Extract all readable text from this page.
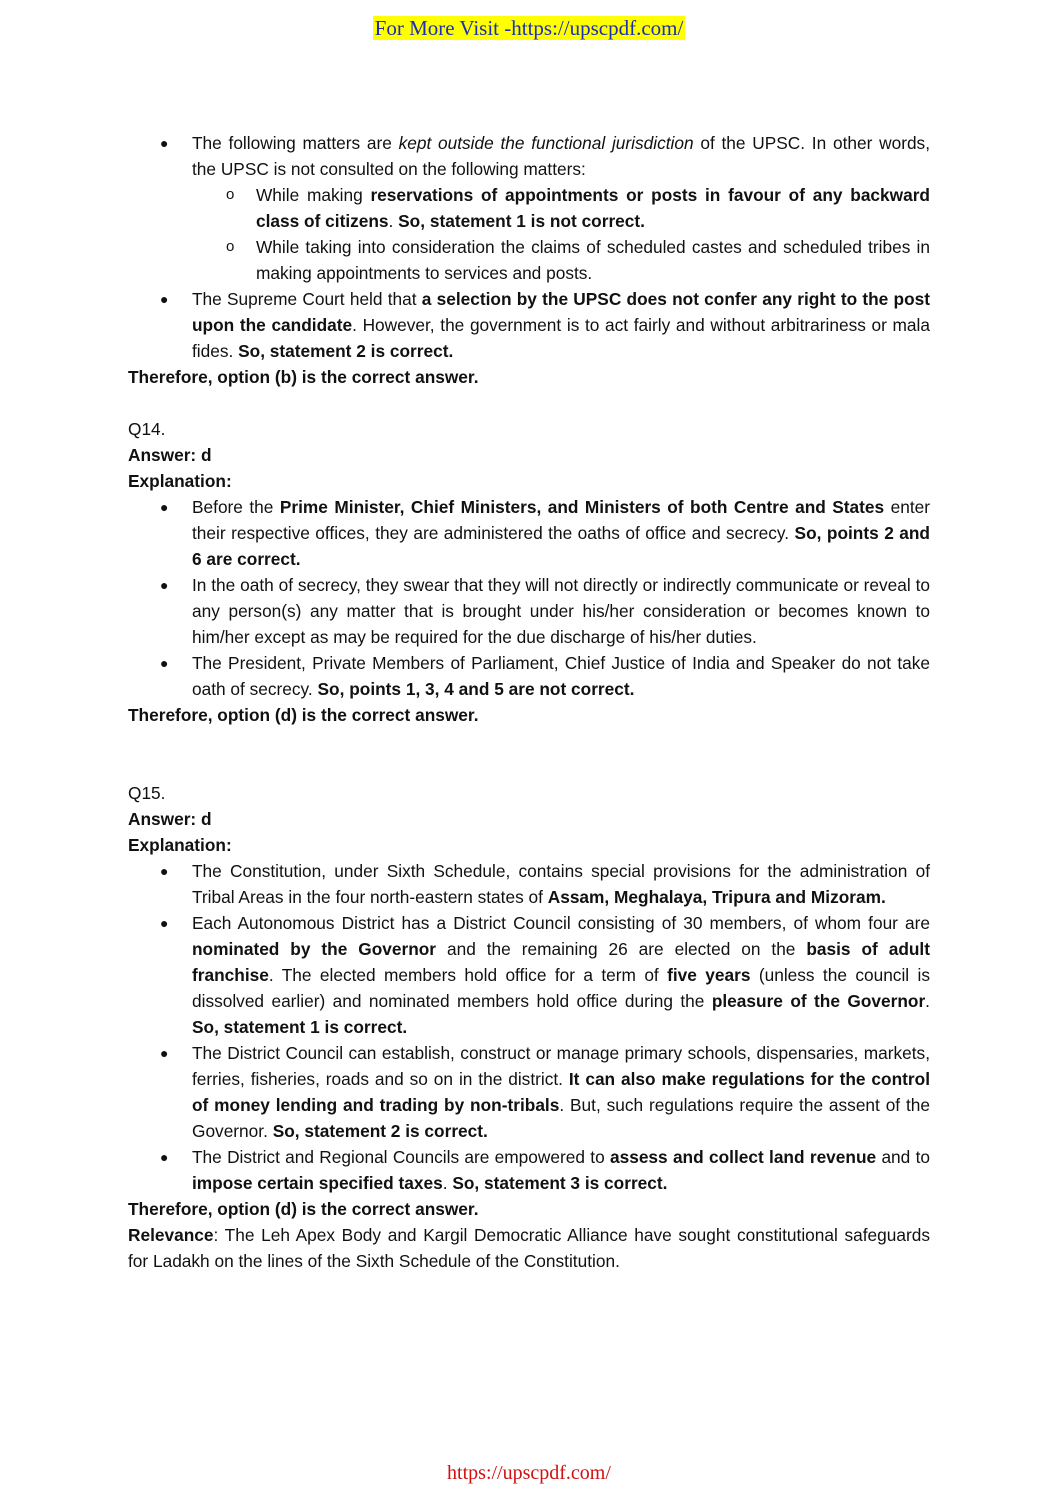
For More Visit -https://upscpdf.com/
● The following matters are kept outside the functional jurisdiction of the UPSC. In other words, the UPSC is not consulted on the following matters:
o While making reservations of appointments or posts in favour of any backward class of citizens. So, statement 1 is not correct.
o While taking into consideration the claims of scheduled castes and scheduled tribes in making appointments to services and posts.
● The Supreme Court held that a selection by the UPSC does not confer any right to the post upon the candidate. However, the government is to act fairly and without arbitrariness or mala fides. So, statement 2 is correct.
Therefore, option (b) is the correct answer.
Q14.
Answer: d
Explanation:
● Before the Prime Minister, Chief Ministers, and Ministers of both Centre and States enter their respective offices, they are administered the oaths of office and secrecy. So, points 2 and 6 are correct.
● In the oath of secrecy, they swear that they will not directly or indirectly communicate or reveal to any person(s) any matter that is brought under his/her consideration or becomes known to him/her except as may be required for the due discharge of his/her duties.
● The President, Private Members of Parliament, Chief Justice of India and Speaker do not take oath of secrecy. So, points 1, 3, 4 and 5 are not correct.
Therefore, option (d) is the correct answer.
Q15.
Answer: d
Explanation:
● The Constitution, under Sixth Schedule, contains special provisions for the administration of Tribal Areas in the four north-eastern states of Assam, Meghalaya, Tripura and Mizoram.
● Each Autonomous District has a District Council consisting of 30 members, of whom four are nominated by the Governor and the remaining 26 are elected on the basis of adult franchise. The elected members hold office for a term of five years (unless the council is dissolved earlier) and nominated members hold office during the pleasure of the Governor. So, statement 1 is correct.
● The District Council can establish, construct or manage primary schools, dispensaries, markets, ferries, fisheries, roads and so on in the district. It can also make regulations for the control of money lending and trading by non-tribals. But, such regulations require the assent of the Governor. So, statement 2 is correct.
● The District and Regional Councils are empowered to assess and collect land revenue and to impose certain specified taxes. So, statement 3 is correct.
Therefore, option (d) is the correct answer.
Relevance: The Leh Apex Body and Kargil Democratic Alliance have sought constitutional safeguards for Ladakh on the lines of the Sixth Schedule of the Constitution.
https://upscpdf.com/
